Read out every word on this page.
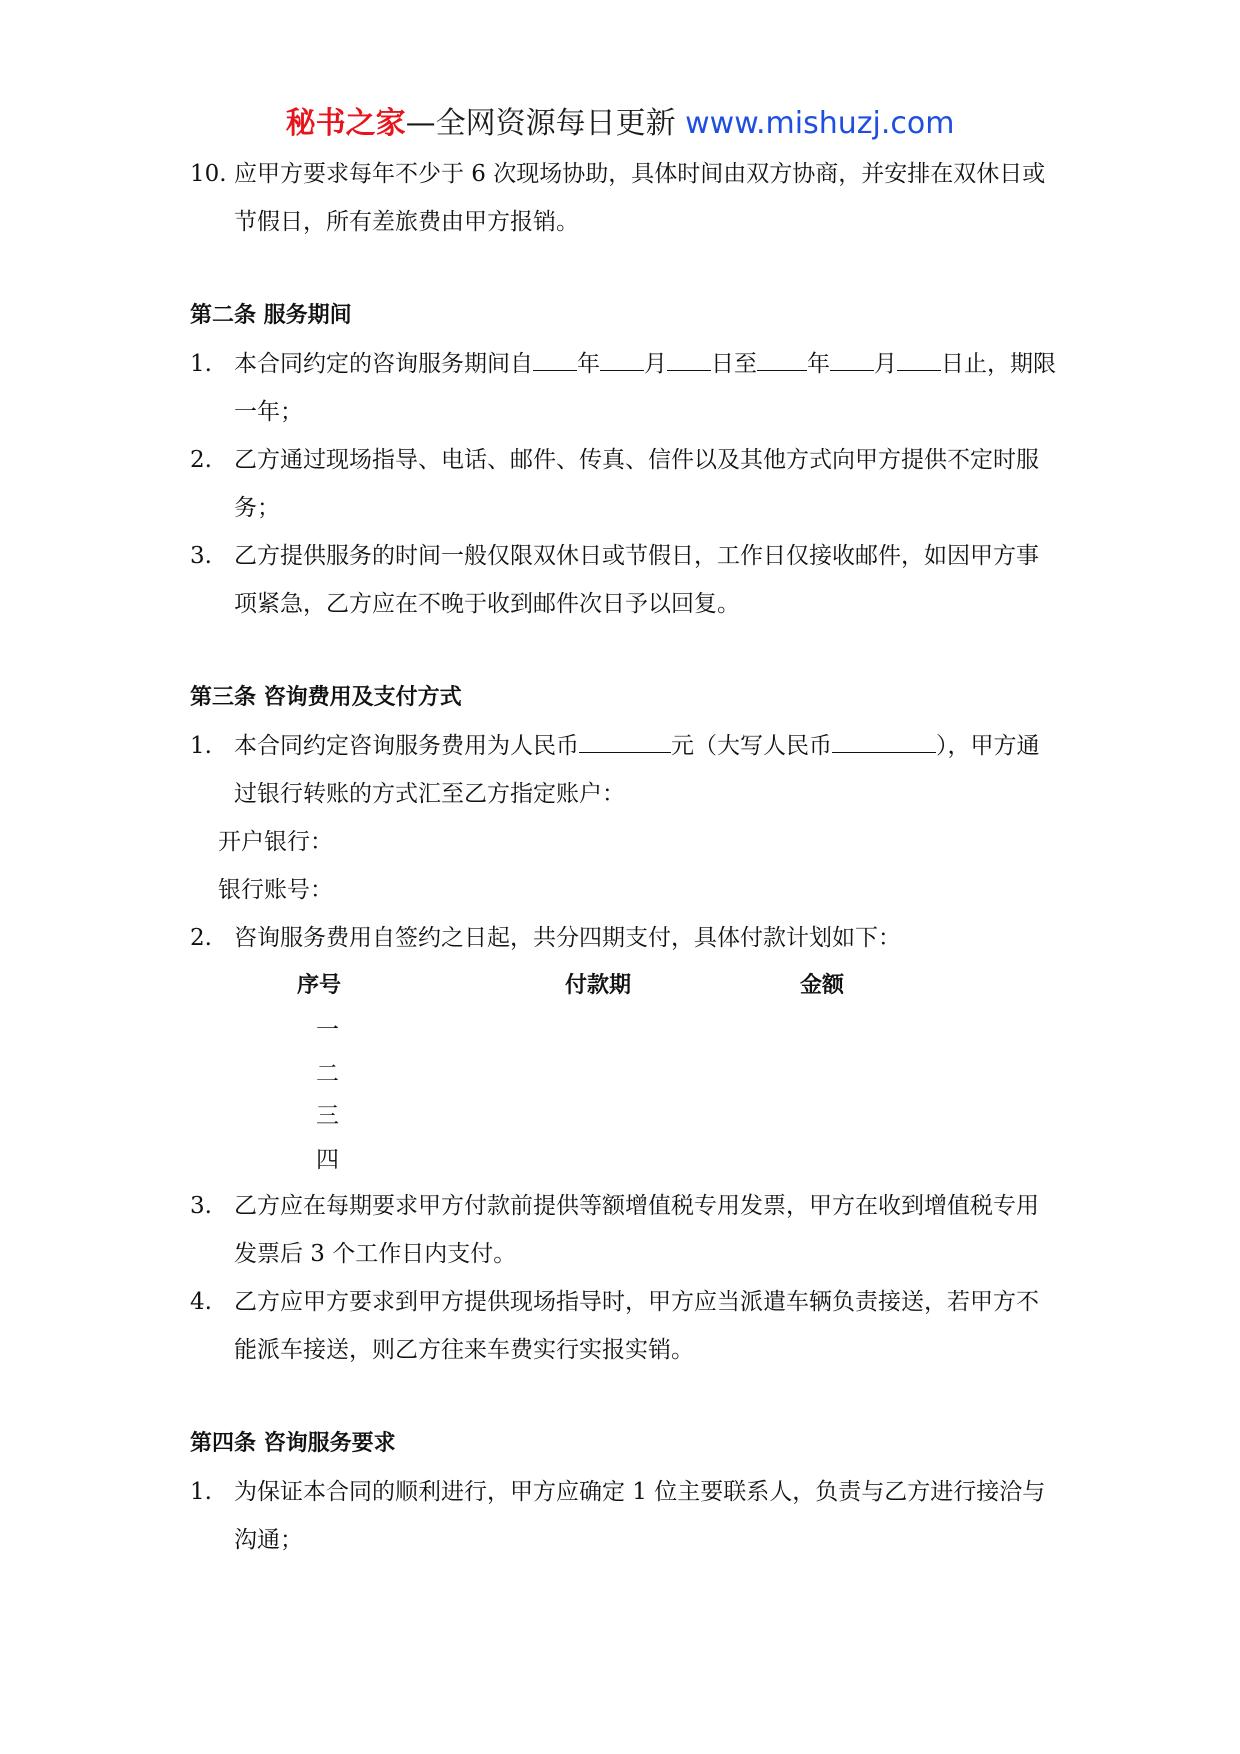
秘书之家—全网资源每日更新 www.mishuzj.com

10. 应甲方要求每年不少于 6 次现场协助，具体时间由双方协商，并安排在双休日或节假日，所有差旅费由甲方报销。

第二条 服务期间

1. 本合同约定的咨询服务期间自 年 月 日至 年 月 日止，期限一年；

2. 乙方通过现场指导、电话、邮件、传真、信件以及其他方式向甲方提供不定时服务；

3. 乙方提供服务的时间一般仅限双休日或节假日，工作日仅接收邮件，如因甲方事项紧急，乙方应在不晚于收到邮件次日予以回复。

第三条 咨询费用及支付方式

1. 本合同约定咨询服务费用为人民币	元（大写人民币	），甲方通过银行转账的方式汇至乙方指定账户：

开户银行：

银行账号：

2. 咨询服务费用自签约之日起，共分四期支付，具体付款计划如下：

序号	付款期	金额
一
二
三
四

3. 乙方应在每期要求甲方付款前提供等额增值税专用发票，甲方在收到增值税专用发票后 3 个工作日内支付。

4. 乙方应甲方要求到甲方提供现场指导时，甲方应当派遣车辆负责接送，若甲方不能派车接送，则乙方往来车费实行实报实销。

第四条 咨询服务要求

1. 为保证本合同的顺利进行，甲方应确定 1 位主要联系人，负责与乙方进行接洽与沟通；
